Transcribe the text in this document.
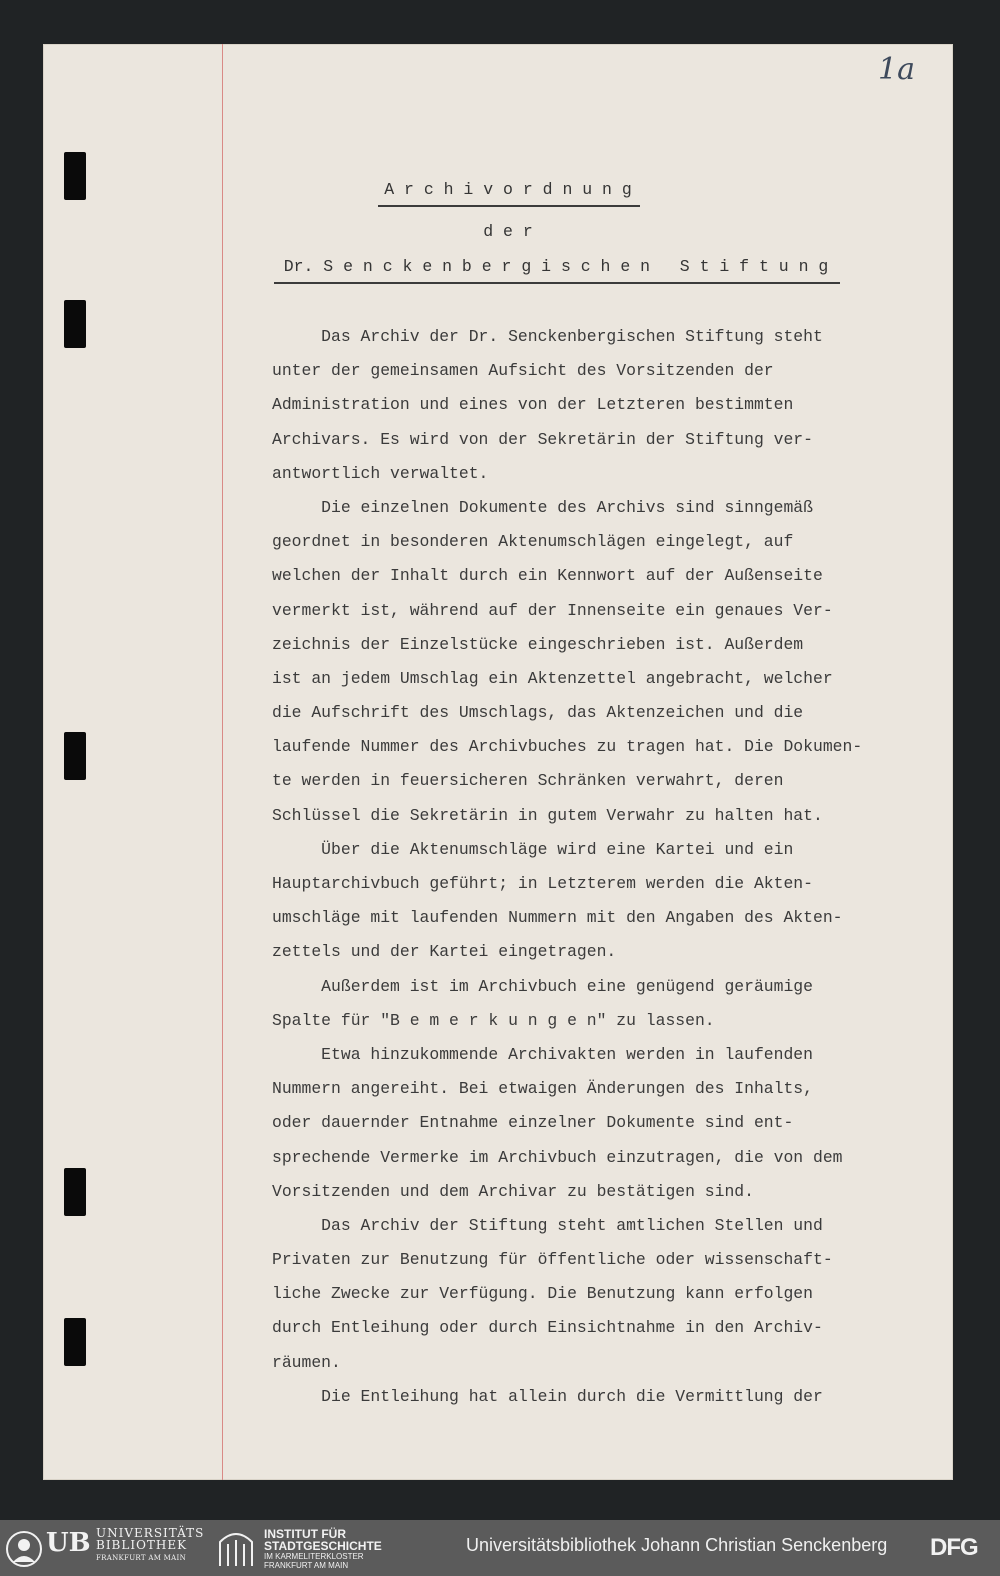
1a
A r c h i v o r d n u n g
d e r
Dr. S e n c k e n b e r g i s c h e n   S t i f t u n g
Das Archiv der Dr. Senckenbergischen Stiftung steht
unter der gemeinsamen Aufsicht des Vorsitzenden der
Administration und eines von der Letzteren bestimmten
Archivars. Es wird von der Sekretärin der Stiftung ver-
antwortlich verwaltet.
Die einzelnen Dokumente des Archivs sind sinngemäß
geordnet in besonderen Aktenumschlägen eingelegt, auf
welchen der Inhalt durch ein Kennwort auf der Außenseite
vermerkt ist, während auf der Innenseite ein genaues Ver-
zeichnis der Einzelstücke eingeschrieben ist. Außerdem
ist an jedem Umschlag ein Aktenzettel angebracht, welcher
die Aufschrift des Umschlags, das Aktenzeichen und die
laufende Nummer des Archivbuches zu tragen hat. Die Dokumen-
te werden in feuersicheren Schränken verwahrt, deren
Schlüssel die Sekretärin in gutem Verwahr zu halten hat.
Über die Aktenumschläge wird eine Kartei und ein
Hauptarchivbuch geführt; in Letzterem werden die Akten-
umschläge mit laufenden Nummern mit den Angaben des Akten-
zettels und der Kartei eingetragen.
Außerdem ist im Archivbuch eine genügend geräumige
Spalte für "B e m e r k u n g e n" zu lassen.
Etwa hinzukommende Archivakten werden in laufenden
Nummern angereiht. Bei etwaigen Änderungen des Inhalts,
oder dauernder Entnahme einzelner Dokumente sind ent-
sprechende Vermerke im Archivbuch einzutragen, die von dem
Vorsitzenden und dem Archivar zu bestätigen sind.
Das Archiv der Stiftung steht amtlichen Stellen und
Privaten zur Benutzung für öffentliche oder wissenschaft-
liche Zwecke zur Verfügung. Die Benutzung kann erfolgen
durch Entleihung oder durch Einsichtnahme in den Archiv-
räumen.
Die Entleihung hat allein durch die Vermittlung der
UB UNIVERSITÄTS
BIBLIOTHEK
FRANKFURT AM MAIN
INSTITUT FÜR
STADTGESCHICHTE
IM KARMELITERKLOSTER
FRANKFURT AM MAIN
Universitätsbibliothek Johann Christian Senckenberg DFG
